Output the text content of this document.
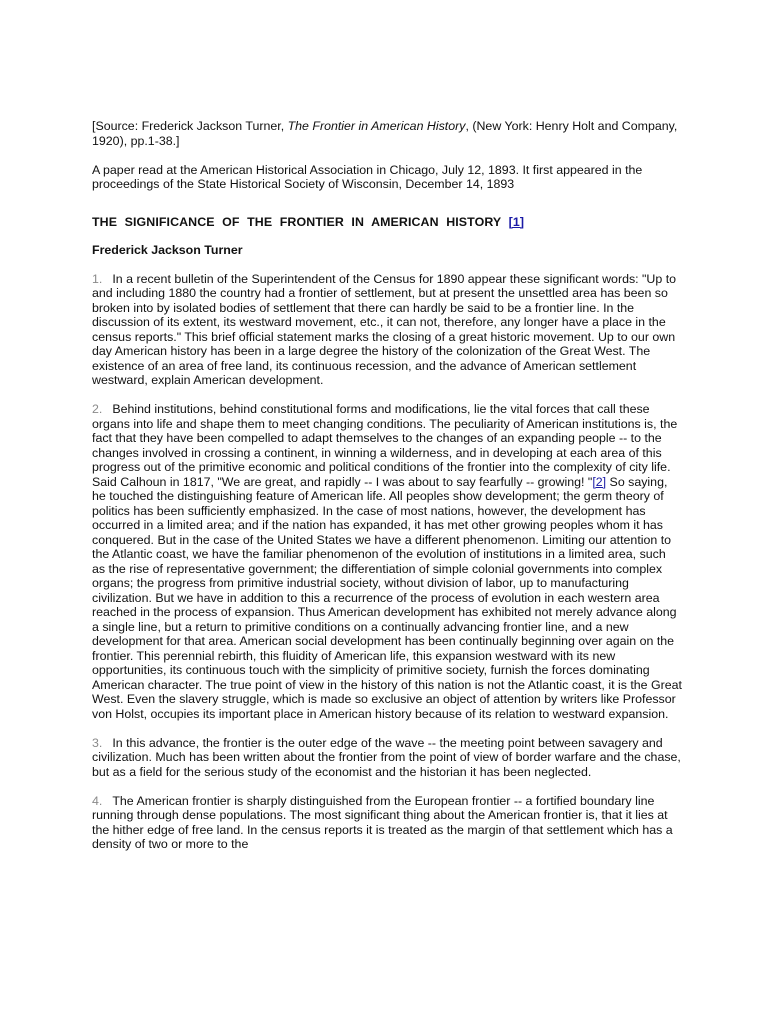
[Source: Frederick Jackson Turner, The Frontier in American History, (New York: Henry Holt and Company, 1920), pp.1-38.]

A paper read at the American Historical Association in Chicago, July 12, 1893. It first appeared in the proceedings of the State Historical Society of Wisconsin, December 14, 1893

THE SIGNIFICANCE OF THE FRONTIER IN AMERICAN HISTORY [1]
Frederick Jackson Turner

1. In a recent bulletin of the Superintendent of the Census for 1890 appear these significant words: "Up to and including 1880 the country had a frontier of settlement, but at present the unsettled area has been so broken into by isolated bodies of settlement that there can hardly be said to be a frontier line. In the discussion of its extent, its westward movement, etc., it can not, therefore, any longer have a place in the census reports." This brief official statement marks the closing of a great historic movement. Up to our own day American history has been in a large degree the history of the colonization of the Great West. The existence of an area of free land, its continuous recession, and the advance of American settlement westward, explain American development.

2. Behind institutions, behind constitutional forms and modifications, lie the vital forces that call these organs into life and shape them to meet changing conditions. The peculiarity of American institutions is, the fact that they have been compelled to adapt themselves to the changes of an expanding people -- to the changes involved in crossing a continent, in winning a wilderness, and in developing at each area of this progress out of the primitive economic and political conditions of the frontier into the complexity of city life. Said Calhoun in 1817, "We are great, and rapidly -- I was about to say fearfully -- growing! "[2] So saying, he touched the distinguishing feature of American life. All peoples show development; the germ theory of politics has been sufficiently emphasized. In the case of most nations, however, the development has occurred in a limited area; and if the nation has expanded, it has met other growing peoples whom it has conquered. But in the case of the United States we have a different phenomenon. Limiting our attention to the Atlantic coast, we have the familiar phenomenon of the evolution of institutions in a limited area, such as the rise of representative government; the differentiation of simple colonial governments into complex organs; the progress from primitive industrial society, without division of labor, up to manufacturing civilization. But we have in addition to this a recurrence of the process of evolution in each western area reached in the process of expansion. Thus American development has exhibited not merely advance along a single line, but a return to primitive conditions on a continually advancing frontier line, and a new development for that area. American social development has been continually beginning over again on the frontier. This perennial rebirth, this fluidity of American life, this expansion westward with its new opportunities, its continuous touch with the simplicity of primitive society, furnish the forces dominating American character. The true point of view in the history of this nation is not the Atlantic coast, it is the Great West. Even the slavery struggle, which is made so exclusive an object of attention by writers like Professor von Holst, occupies its important place in American history because of its relation to westward expansion.

3. In this advance, the frontier is the outer edge of the wave -- the meeting point between savagery and civilization. Much has been written about the frontier from the point of view of border warfare and the chase, but as a field for the serious study of the economist and the historian it has been neglected.

4. The American frontier is sharply distinguished from the European frontier -- a fortified boundary line running through dense populations. The most significant thing about the American frontier is, that it lies at the hither edge of free land. In the census reports it is treated as the margin of that settlement which has a density of two or more to the
